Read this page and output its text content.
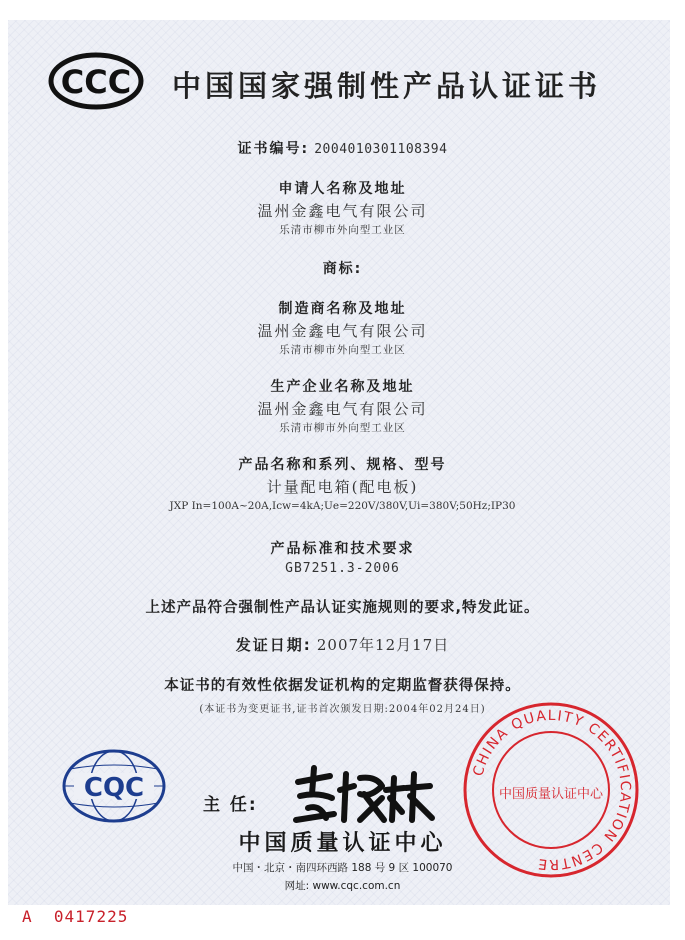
CCC 中国国家强制性产品认证证书
证书编号: 2004010301108394
申请人名称及地址
温州金鑫电气有限公司
乐清市柳市外向型工业区
商标:
制造商名称及地址
温州金鑫电气有限公司
乐清市柳市外向型工业区
生产企业名称及地址
温州金鑫电气有限公司
乐清市柳市外向型工业区
产品名称和系列、规格、型号
计量配电箱(配电板)
JXP In=100A~20A,Icw=4kA;Ue=220V/380V,Ui=380V;50Hz;IP30
产品标准和技术要求
GB7251.3-2006
上述产品符合强制性产品认证实施规则的要求,特发此证。
发证日期: 2007年12月17日
本证书的有效性依据发证机构的定期监督获得保持。
(本证书为变更证书,证书首次颁发日期:2004年02月24日)
CQC
主 任:
CHINA QUALITY CERTIFICATION CENTRE
中国质量认证中心
中国质量认证中心
中国・北京・南四环西路 188 号 9 区 100070
网址: www.cqc.com.cn
A 0417225
